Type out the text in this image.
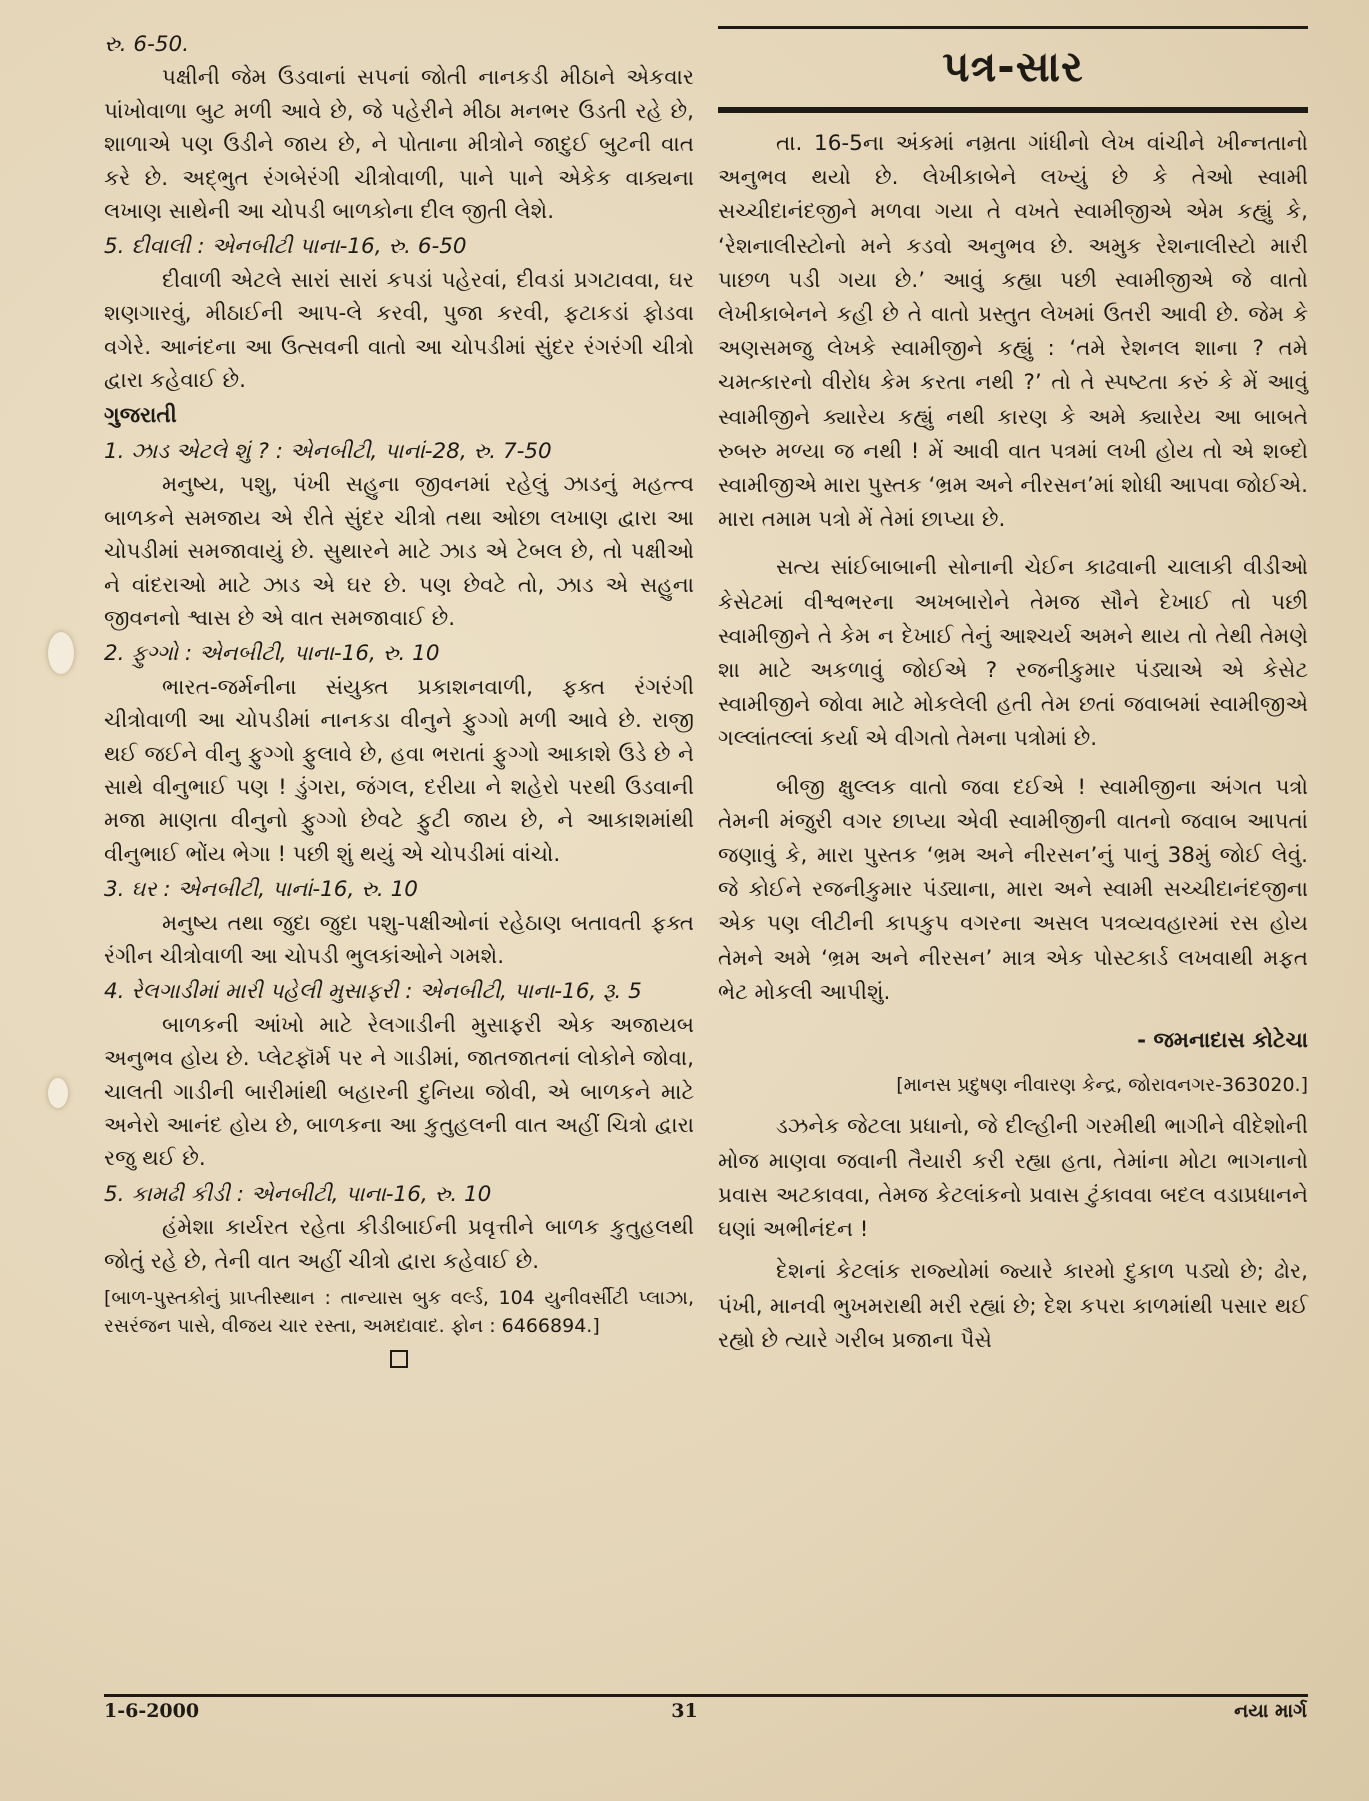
રુ. 6-50.

પક્ષીની જેમ ઉડવાનાં સપનાં જોતી નાનકડી મીઠાને એકવાર પાંખોવાળા બુટ મળી આવે છે, જે પહેરીને મીઠા મનભર ઉડતી રહે છે, શાળાએ પણ ઉડીને જાય છે, ને પોતાના મીત્રોને જાદુઈ બુટની વાત કરે છે. અદ્ભુત રંગબેરંગી ચીત્રોવાળી, પાને પાને એકેક વાક્યના લખાણ સાથેની આ ચોપડી બાળકોના દીલ જીતી લેશે.

5. દીવાલી : એનબીટી પાના-16, રુ. 6-50

દીવાળી એટલે સારાં સારાં કપડાં પહેરવાં, દીવડાં પ્રગટાવવા, ઘર શણગારવું, મીઠાઈની આપ-લે કરવી, પુજા કરવી, ફટાકડાં ફોડવા વગેરે. આનંદના આ ઉત્સવની વાતો આ ચોપડીમાં સુંદર રંગરંગી ચીત્રો દ્વારા કહેવાઈ છે.

ગુજરાતી

1. ઝાડ એટલે શું ? : એનબીટી, પાનાં-28, રુ. 7-50

મનુષ્ય, પશુ, પંખી સહુના જીવનમાં રહેલું ઝાડનું મહત્ત્વ બાળકને સમજાય એ રીતે સુંદર ચીત્રો તથા ઓછા લખાણ દ્વારા આ ચોપડીમાં સમજાવાયું છે. સુથારને માટે ઝાડ એ ટેબલ છે, તો પક્ષીઓ ને વાંદરાઓ માટે ઝાડ એ ઘર છે. પણ છેવટે તો, ઝાડ એ સહુના જીવનનો શ્વાસ છે એ વાત સમજાવાઈ છે.

2. ફુગ્ગો : એનબીટી, પાના-16, રુ. 10

ભારત-જર્મનીના સંયુક્ત પ્રકાશનવાળી, ફક્ત રંગરંગી ચીત્રોવાળી આ ચોપડીમાં નાનકડા વીનુને ફુગ્ગો મળી આવે છે. રાજી થઈ જઈને વીનુ ફુગ્ગો ફુલાવે છે, હવા ભરાતાં ફુગ્ગો આકાશે ઉડે છે ને સાથે વીનુભાઈ પણ ! ડુંગરા, જંગલ, દરીયા ને શહેરો પરથી ઉડવાની મજા માણતા વીનુનો ફુગ્ગો છેવટે ફુટી જાય છે, ને આકાશમાંથી વીનુભાઈ ભોંય ભેગા ! પછી શું થયું એ ચોપડીમાં વાંચો.

3. ઘર : એનબીટી, પાનાં-16, રુ. 10

મનુષ્ય તથા જુદા જુદા પશુ-પક્ષીઓનાં રહેઠાણ બતાવતી ફક્ત રંગીન ચીત્રોવાળી આ ચોપડી ભુલકાંઓને ગમશે.

4. રેલગાડીમાં મારી પહેલી મુસાફરી : એનબીટી, પાના-16, રૂ. 5

બાળકની આંખો માટે રેલગાડીની મુસાફરી એક અજાયબ અનુભવ હોય છે. પ્લેટફૉર્મ પર ને ગાડીમાં, જાતજાતનાં લોકોને જોવા, ચાલતી ગાડીની બારીમાંથી બહારની દુનિયા જોવી, એ બાળકને માટે અનેરો આનંદ હોય છે, બાળકના આ કુતુહલની વાત અહીં ચિત્રો દ્વારા રજુ થઈ છે.

5. કામઢી કીડી : એનબીટી, પાના-16, રુ. 10

હંમેશા કાર્યરત રહેતા કીડીબાઈની પ્રવૃત્તીને બાળક કુતુહલથી જોતું રહે છે, તેની વાત અહીં ચીત્રો દ્વારા કહેવાઈ છે.

[બાળ-પુસ્તકોનું પ્રાપ્તીસ્થાન : તાન્યાસ બુક વર્લ્ડ, 104 યુનીવર્સીટી પ્લાઝા, રસરંજન પાસે, વીજય ચાર રસ્તા, અમદાવાદ. ફોન : 6466894.]

પત્ર-સાર

તા. 16-5ના અંકમાં નમ્રતા ગાંધીનો લેખ વાંચીને ખીન્નતાનો અનુભવ થયો છે. લેખીકાબેને લખ્યું છે કે તેઓ સ્વામી સચ્ચીદાનંદજીને મળવા ગયા તે વખતે સ્વામીજીએ એમ કહ્યું કે, ‘રેશનાલીસ્ટોનો મને કડવો અનુભવ છે. અમુક રેશનાલીસ્ટો મારી પાછળ પડી ગયા છે.’ આવું કહ્યા પછી સ્વામીજીએ જે વાતો લેખીકાબેનને કહી છે તે વાતો પ્રસ્તુત લેખમાં ઉતરી આવી છે. જેમ કે અણસમજુ લેખકે સ્વામીજીને કહ્યું : ‘તમે રેશનલ શાના ? તમે ચમત્કારનો વીરોધ કેમ કરતા નથી ?’ તો તે સ્પષ્ટતા કરું કે મેં આવું સ્વામીજીને ક્યારેય કહ્યું નથી કારણ કે અમે ક્યારેય આ બાબતે રુબરુ મળ્યા જ નથી ! મેં આવી વાત પત્રમાં લખી હોય તો એ શબ્દો સ્વામીજીએ મારા પુસ્તક ‘ભ્રમ અને નીરસન’માં શોધી આપવા જોઈએ. મારા તમામ પત્રો મેં તેમાં છાપ્યા છે.

સત્ય સાંઈબાબાની સોનાની ચેઈન કાઢવાની ચાલાકી વીડીઓ કેસેટમાં વીશ્વભરના અખબારોને તેમજ સૌને દેખાઈ તો પછી સ્વામીજીને તે કેમ ન દેખાઈ તેનું આશ્ચર્ય અમને થાય તો તેથી તેમણે શા માટે અકળાવું જોઈએ ? રજનીકુમાર પંડ્યાએ એ કેસેટ સ્વામીજીને જોવા માટે મોકલેલી હતી તેમ છતાં જવાબમાં સ્વામીજીએ ગલ્લાંતલ્લાં કર્યા એ વીગતો તેમના પત્રોમાં છે.

બીજી ક્ષુલ્લક વાતો જવા દઈએ ! સ્વામીજીના અંગત પત્રો તેમની મંજુરી વગર છાપ્યા એવી સ્વામીજીની વાતનો જવાબ આપતાં જણાવું કે, મારા પુસ્તક ‘ભ્રમ અને નીરસન’નું પાનું 38મું જોઈ લેવું. જે કોઈને રજનીકુમાર પંડ્યાના, મારા અને સ્વામી સચ્ચીદાનંદજીના એક પણ લીટીની કાપકુપ વગરના અસલ પત્રવ્યવહારમાં રસ હોય તેમને અમે ‘ભ્રમ અને નીરસન’ માત્ર એક પોસ્ટકાર્ડ લખવાથી મફત ભેટ મોકલી આપીશું.

- જમનાદાસ કોટેચા

[માનસ પ્રદુષણ નીવારણ કેન્દ્ર, જોરાવનગર-363020.]

ડઝનેક જેટલા પ્રધાનો, જે દીલ્હીની ગરમીથી ભાગીને વીદેશોની મોજ માણવા જવાની તૈયારી કરી રહ્યા હતા, તેમાંના મોટા ભાગનાનો પ્રવાસ અટકાવવા, તેમજ કેટલાંકનો પ્રવાસ ટુંકાવવા બદલ વડાપ્રધાનને ઘણાં અભીનંદન !

દેશનાં કેટલાંક રાજ્યોમાં જ્યારે કારમો દુકાળ પડ્યો છે; ઢોર, પંખી, માનવી ભુખમરાથી મરી રહ્યાં છે; દેશ કપરા કાળમાંથી પસાર થઈ રહ્યો છે ત્યારે ગરીબ પ્રજાના પૈસે

1-6-2000	31	નયા માર્ગ
